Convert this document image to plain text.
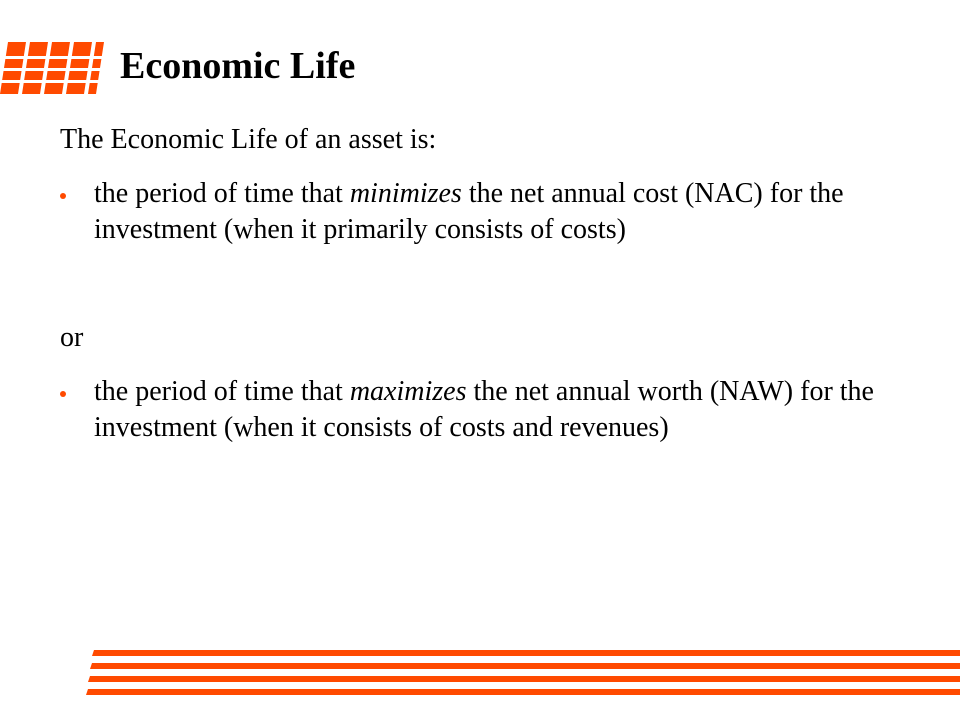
Economic Life
The Economic Life of an asset is:
the period of time that minimizes the net annual cost (NAC) for the investment (when it primarily consists of costs)
or
the period of time that maximizes the net annual worth (NAW) for the investment (when it consists of costs and revenues)
